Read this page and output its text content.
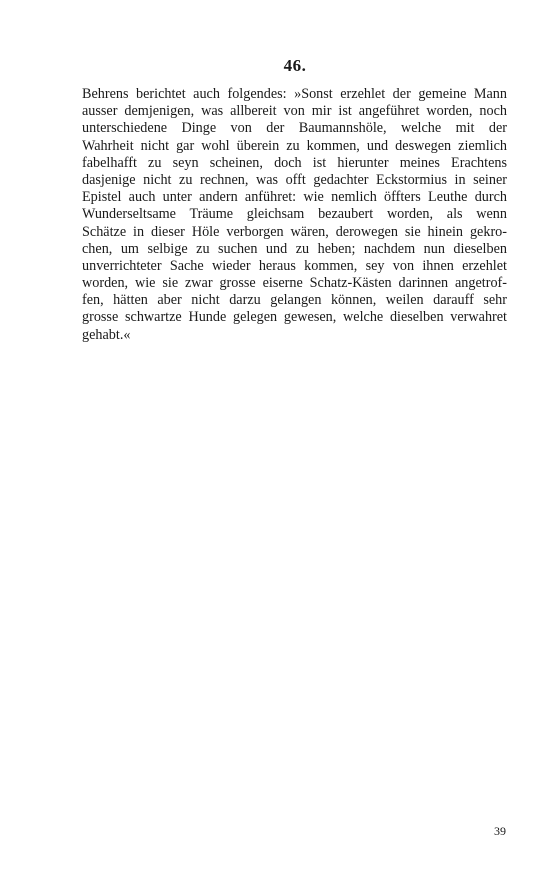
46.
Behrens berichtet auch folgendes: »Sonst erzehlet der gemeine Mann
ausser demjenigen, was allbereit von mir ist angeführet worden, noch
unterschiedene Dinge von der Baumannshöle, welche mit der
Wahrheit nicht gar wohl überein zu kommen, und deswegen ziemlich
fabelhafft zu seyn scheinen, doch ist hierunter meines Erachtens
dasjenige nicht zu rechnen, was offt gedachter Eckstormius in seiner
Epistel auch unter andern anführet: wie nemlich öffters Leuthe durch
Wunderseltsame Träume gleichsam bezaubert worden, als wenn
Schätze in dieser Höle verborgen wären, derowegen sie hinein gekro-
chen, um selbige zu suchen und zu heben; nachdem nun dieselben
unverrichteter Sache wieder heraus kommen, sey von ihnen erzehlet
worden, wie sie zwar grosse eiserne Schatz-Kästen darinnen angetrof-
fen, hätten aber nicht darzu gelangen können, weilen darauff sehr
grosse schwartze Hunde gelegen gewesen, welche dieselben verwahret
gehabt.«
39
